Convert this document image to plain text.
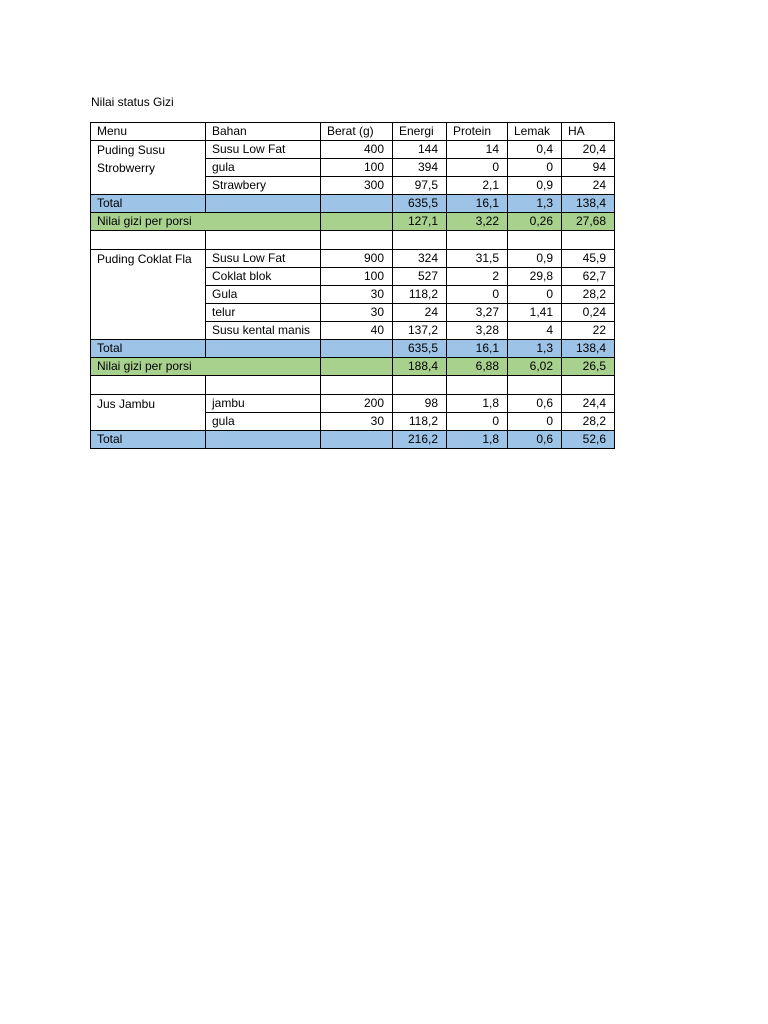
Nilai status Gizi
Menu	Bahan	Berat (g)	Energi	Protein	Lemak	HA
Puding Susu Strobwerry	Susu Low Fat	400	144	14	0,4	20,4
	gula	100	394	0	0	94
	Strawbery	300	97,5	2,1	0,9	24
Total			635,5	16,1	1,3	138,4
Nilai gizi per porsi			127,1	3,22	0,26	27,68

Puding Coklat Fla	Susu Low Fat	900	324	31,5	0,9	45,9
	Coklat blok	100	527	2	29,8	62,7
	Gula	30	118,2	0	0	28,2
	telur	30	24	3,27	1,41	0,24
	Susu kental manis	40	137,2	3,28	4	22
Total			635,5	16,1	1,3	138,4
Nilai gizi per porsi			188,4	6,88	6,02	26,5

Jus Jambu	jambu	200	98	1,8	0,6	24,4
	gula	30	118,2	0	0	28,2
Total			216,2	1,8	0,6	52,6
